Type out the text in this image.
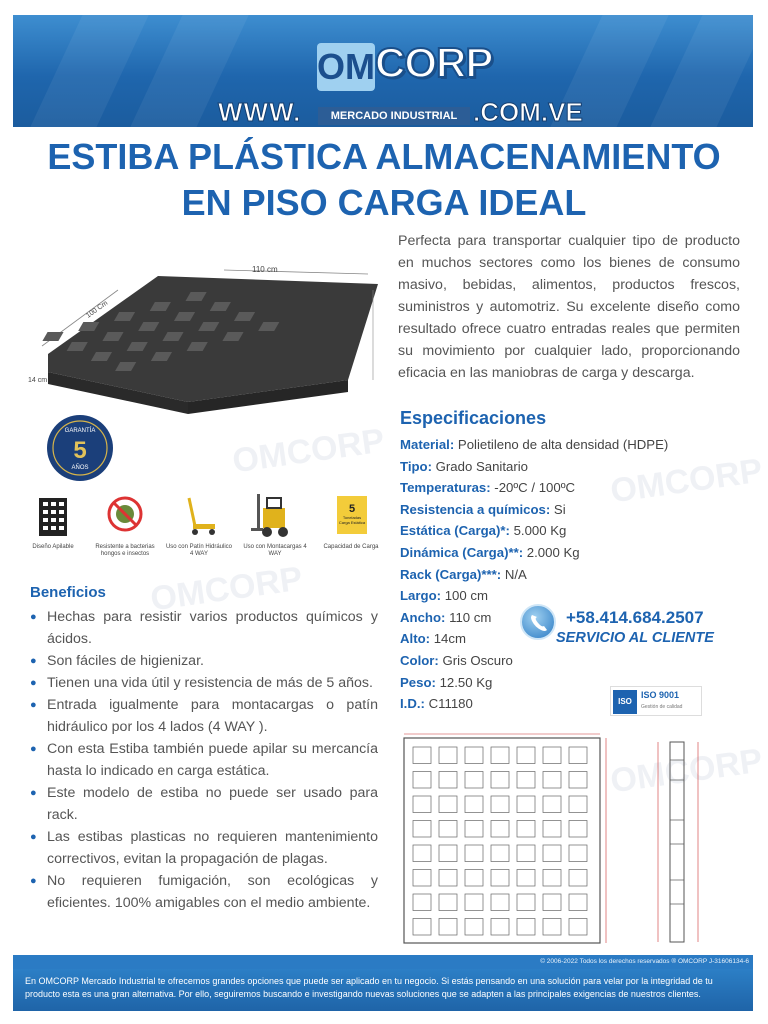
OM CORP
WWW.	MERCADO INDUSTRIAL .COM.VE
ESTIBA PLÁSTICA ALMACENAMIENTO
EN PISO CARGA IDEAL
OMCORP
OMCORP
OMCORP
OMCORP
110 cm
100 Cm
14 cm
GARANTÍA
5
AÑOS
Diseño Apilable	Resistente a bacterias hongos e insectos
Uso con Patín Hidráulico 4 WAY
Uso con Montacargas 4 WAY
5
Toneladas Carga Estática
Capacidad de Carga
Perfecta para transportar cualquier tipo de producto en muchos sectores como los bienes de consumo masivo, bebidas, alimentos, productos frescos, suministros y automotriz. Su excelente diseño como resultado ofrece cuatro entradas reales que permiten su movimiento por cualquier lado, proporcionando eficacia en las maniobras de carga y descarga.
Beneficios
● Hechas para resistir varios productos químicos y ácidos.
● Son fáciles de higienizar.
● Tienen una vida útil y resistencia de más de 5 años.
● Entrada igualmente para montacargas o patín hidráulico por los 4 lados (4 WAY ).
● Con esta Estiba también puede apilar su mercancía hasta lo indicado en carga estática.
● Este modelo de estiba no puede ser usado para rack.
● Las estibas plasticas no requieren mantenimiento correctivos, evitan la propagación de plagas.
● No requieren fumigación, son ecológicas y eficientes. 100% amigables con el medio ambiente.
Especificaciones
Material: Polietileno de alta densidad (HDPE)
Tipo: Grado Sanitario
Temperaturas: -20ºC / 100ºC
Resistencia a químicos: Si
Estática (Carga)*: 5.000 Kg
Dinámica (Carga)**: 2.000 Kg
Rack (Carga)***: N/A
Largo: 100 cm
Ancho: 110 cm
Alto: 14cm
Color: Gris Oscuro
Peso: 12.50 Kg
I.D.: C11180
+58.414.684.2507
SERVICIO AL CLIENTE
ISO
ISO 9001
Gestión de calidad
© 2006-2022 Todos los derechos reservados ® OMCORP J-31606134-6
En OMCORP Mercado Industrial te ofrecemos grandes opciones que puede ser aplicado en tu negocio. Si estás pensando en una solución para velar por la integridad de tu producto esta es una gran alternativa. Por ello, seguiremos buscando e investigando nuevas soluciones que se adapten a las principales exigencias de nuestros clientes.
